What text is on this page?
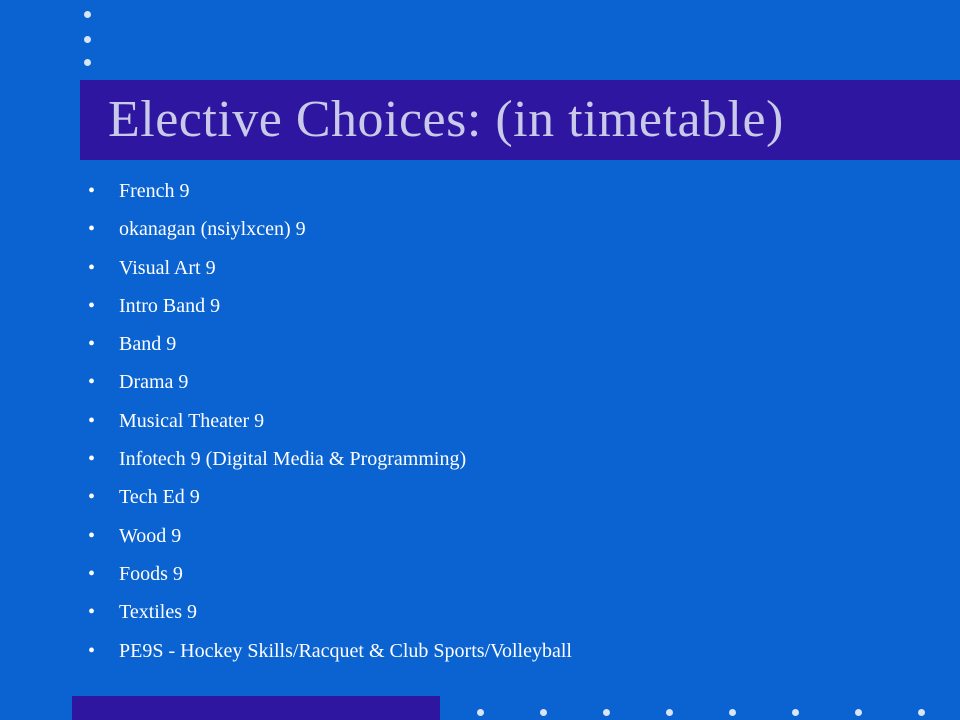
Elective Choices: (in timetable)
•	French 9
•	okanagan (nsiylxcen) 9
•	Visual Art 9
•	Intro Band 9
•	Band 9
•	Drama 9
•	Musical Theater 9
•	Infotech 9 (Digital Media & Programming)
•	Tech Ed 9
•	Wood 9
•	Foods 9
•	Textiles 9
•	PE9S - Hockey Skills/Racquet & Club Sports/Volleyball
